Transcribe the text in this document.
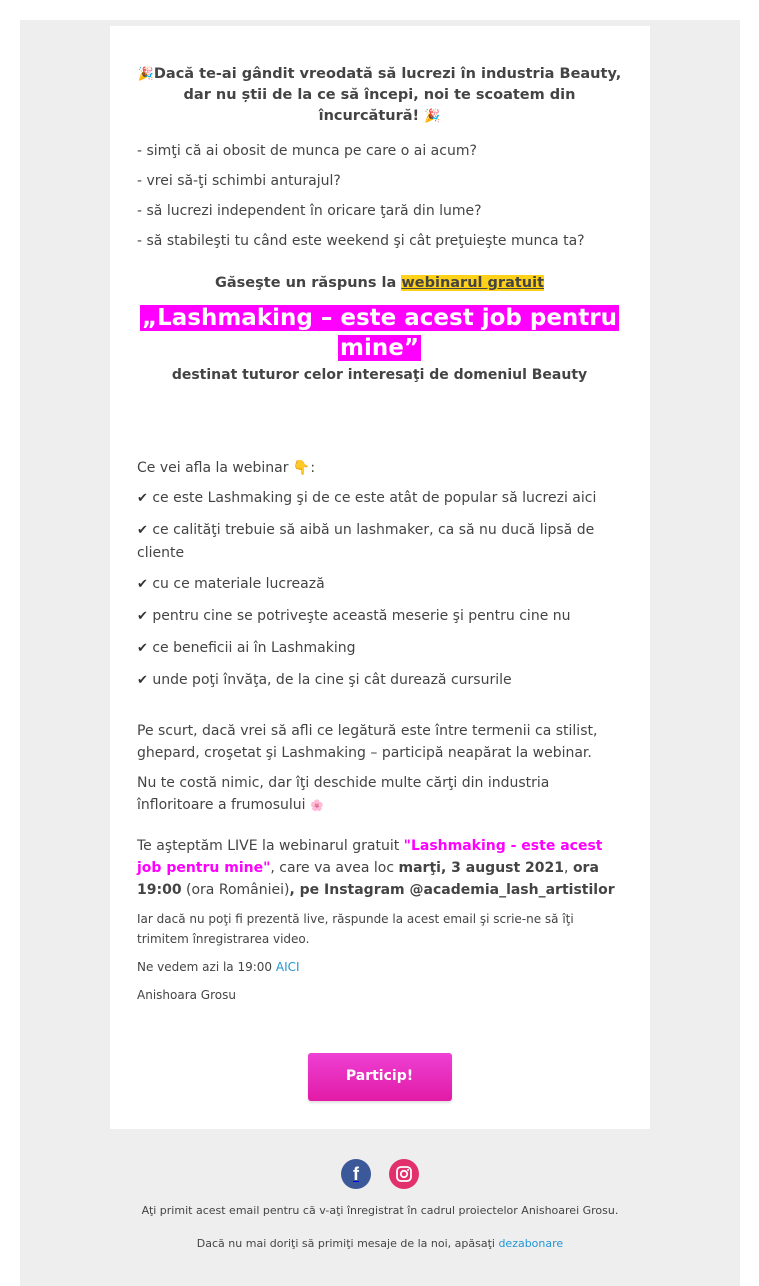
🎉Dacă te-ai gândit vreodată să lucrezi în industria Beauty, dar nu știi de la ce să începi, noi te scoatem din încurcătură! 🎉

- simţi că ai obosit de munca pe care o ai acum?

- vrei să-ţi schimbi anturajul?

- să lucrezi independent în oricare ţară din lume?

- să stabileşti tu când este weekend şi cât preţuieşte munca ta?

Găseşte un răspuns la webinarul gratuit

„Lashmaking – este acest job pentru
mine”

destinat tuturor celor interesaţi de domeniul Beauty

Ce vei afla la webinar 👇:

✔ ce este Lashmaking şi de ce este atât de popular să lucrezi aici

✔ ce calităţi trebuie să aibă un lashmaker, ca să nu ducă lipsă de cliente

✔ cu ce materiale lucrează

✔ pentru cine se potriveşte această meserie şi pentru cine nu

✔ ce beneficii ai în Lashmaking

✔ unde poţi învăţa, de la cine şi cât durează cursurile

Pe scurt, dacă vrei să afli ce legătură este între termenii ca stilist, ghepard, croşetat şi Lashmaking – participă neapărat la webinar.

Nu te costă nimic, dar îţi deschide multe cărţi din industria înfloritoare a frumosului 🌸

Te aşteptăm LIVE la webinarul gratuit "Lashmaking - este acest job pentru mine", care va avea loc marţi, 3 august 2021, ora 19:00 (ora României), pe Instagram @academia_lash_artistilor

Iar dacă nu poţi fi prezentă live, răspunde la acest email şi scrie-ne să îţi trimitem înregistrarea video.

Ne vedem azi la 19:00 AICI

Anishoara Grosu

Particip!
f

Aţi primit acest email pentru că v-aţi înregistrat în cadrul proiectelor Anishoarei Grosu.

Dacă nu mai doriţi să primiţi mesaje de la noi, apăsaţi dezabonare
